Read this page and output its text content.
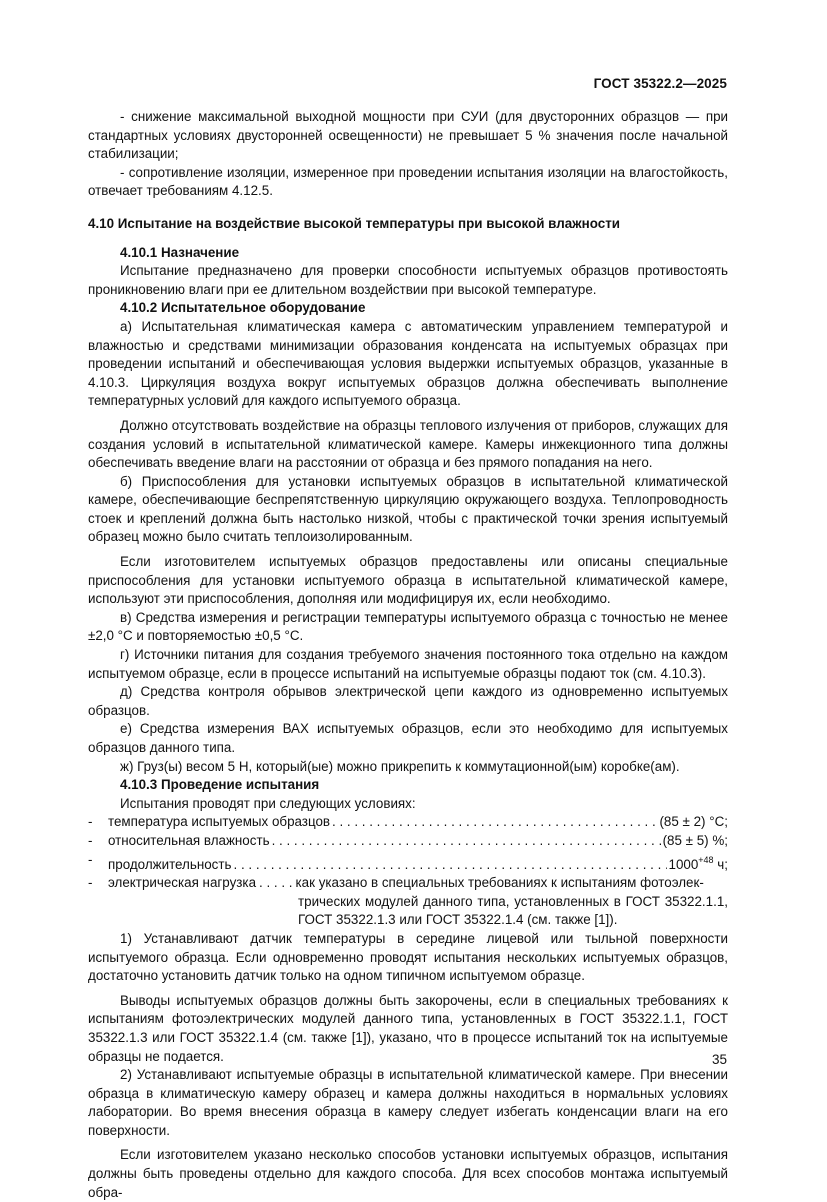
ГОСТ 35322.2—2025

- снижение максимальной выходной мощности при СУИ (для двусторонних образцов — при стандартных условиях двусторонней освещенности) не превышает 5 % значения после начальной стабилизации;

- сопротивление изоляции, измеренное при проведении испытания изоляции на влагостойкость, отвечает требованиям 4.12.5.

4.10 Испытание на воздействие высокой температуры при высокой влажности

4.10.1 Назначение

Испытание предназначено для проверки способности испытуемых образцов противостоять проникновению влаги при ее длительном воздействии при высокой температуре.

4.10.2 Испытательное оборудование

а) Испытательная климатическая камера с автоматическим управлением температурой и влажностью и средствами минимизации образования конденсата на испытуемых образцах при проведении испытаний и обеспечивающая условия выдержки испытуемых образцов, указанные в 4.10.3. Циркуляция воздуха вокруг испытуемых образцов должна обеспечивать выполнение температурных условий для каждого испытуемого образца.

Должно отсутствовать воздействие на образцы теплового излучения от приборов, служащих для создания условий в испытательной климатической камере. Камеры инжекционного типа должны обеспечивать введение влаги на расстоянии от образца и без прямого попадания на него.

б) Приспособления для установки испытуемых образцов в испытательной климатической камере, обеспечивающие беспрепятственную циркуляцию окружающего воздуха. Теплопроводность стоек и креплений должна быть настолько низкой, чтобы с практической точки зрения испытуемый образец можно было считать теплоизолированным.

Если изготовителем испытуемых образцов предоставлены или описаны специальные приспособления для установки испытуемого образца в испытательной климатической камере, используют эти приспособления, дополняя или модифицируя их, если необходимо.

в) Средства измерения и регистрации температуры испытуемого образца с точностью не менее ±2,0 °С и повторяемостью ±0,5 °С.

г) Источники питания для создания требуемого значения постоянного тока отдельно на каждом испытуемом образце, если в процессе испытаний на испытуемые образцы подают ток (см. 4.10.3).

д) Средства контроля обрывов электрической цепи каждого из одновременно испытуемых образцов.

е) Средства измерения ВАХ испытуемых образцов, если это необходимо для испытуемых образцов данного типа.

ж) Груз(ы) весом 5 Н, который(ые) можно прикрепить к коммутационной(ым) коробке(ам).

4.10.3 Проведение испытания

Испытания проводят при следующих условиях:

- температура испытуемых образцов . . .	(85 ± 2) °С;
- относительная влажность . . .	(85 ± 5) %;
- продолжительность . . .	$1000^{+48}$ ч;
- электрическая нагрузка . . . . . как указано в специальных требованиях к испытаниям фотоэлек-
трических модулей данного типа, установленных в ГОСТ 35322.1.1, ГОСТ 35322.1.3 или ГОСТ 35322.1.4 (см. также [1]).

1) Устанавливают датчик температуры в середине лицевой или тыльной поверхности испытуемого образца. Если одновременно проводят испытания нескольких испытуемых образцов, достаточно установить датчик только на одном типичном испытуемом образце.

Выводы испытуемых образцов должны быть закорочены, если в специальных требованиях к испытаниям фотоэлектрических модулей данного типа, установленных в ГОСТ 35322.1.1, ГОСТ 35322.1.3 или ГОСТ 35322.1.4 (см. также [1]), указано, что в процессе испытаний ток на испытуемые образцы не подается.

2) Устанавливают испытуемые образцы в испытательной климатической камере. При внесении образца в климатическую камеру образец и камера должны находиться в нормальных условиях лаборатории. Во время внесения образца в камеру следует избегать конденсации влаги на его поверхности.

Если изготовителем указано несколько способов установки испытуемых образцов, испытания должны быть проведены отдельно для каждого способа. Для всех способов монтажа испытуемый обра-

35
